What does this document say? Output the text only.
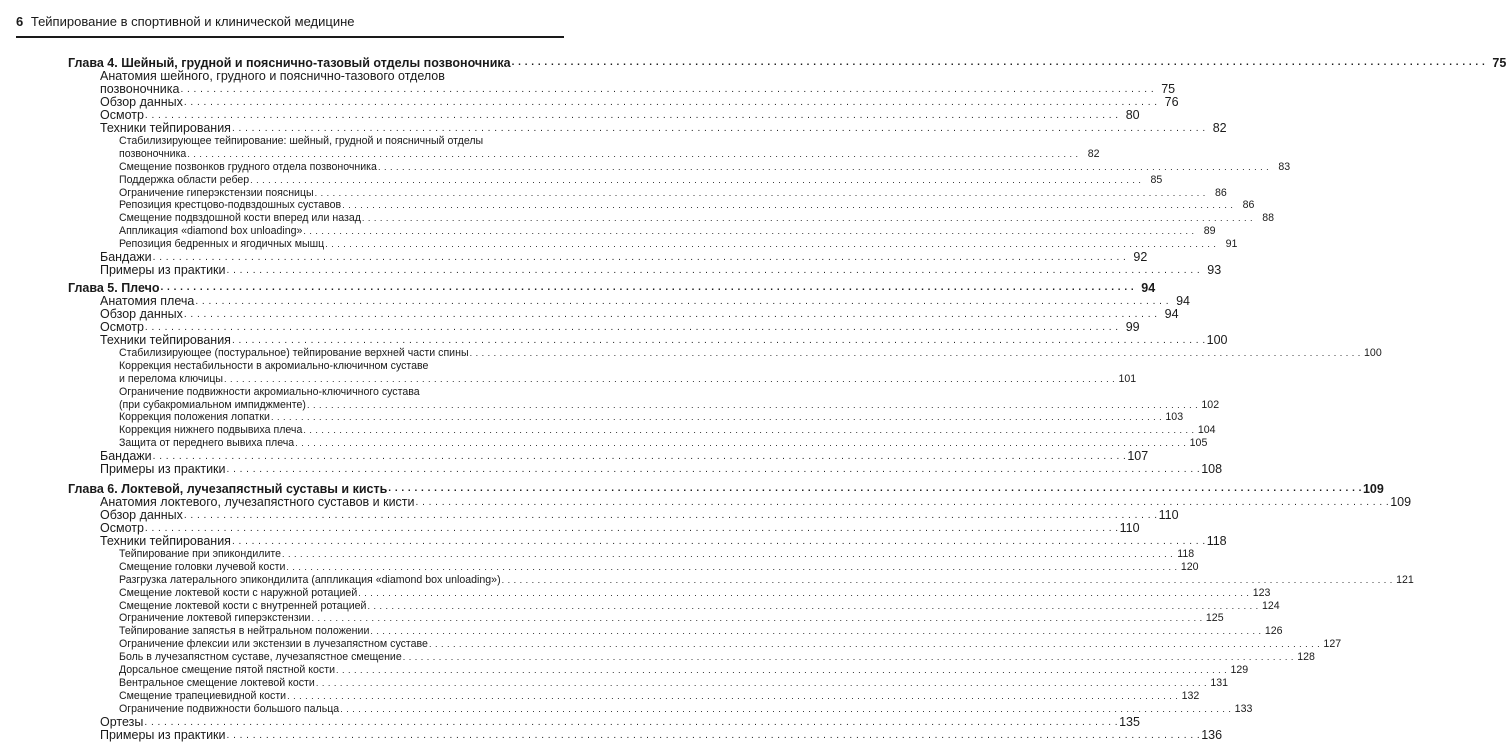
6 Тейпирование в спортивной и клинической медицине
Глава 4. Шейный, грудной и пояснично-тазовый отделы позвоночника . . .	75
Анатомия шейного, грудного и пояснично-тазового отделов
позвоночника . . .	75
Обзор данных . . .	76
Осмотр . . .	80
Техники тейпирования . . .	82
Стабилизирующее тейпирование: шейный, грудной и поясничный отделы
позвоночника . . .	82
Смещение позвонков грудного отдела позвоночника . . .	83
Поддержка области ребер . . .	85
Ограничение гиперэкстензии поясницы . . .	86
Репозиция крестцово-подвздошных суставов . . .	86
Смещение подвздошной кости вперед или назад . . .	88
Аппликация «diamond box unloading» . . .	89
Репозиция бедренных и ягодичных мышц . . .	91
Бандажи . . .	92
Примеры из практики . . .	93
Глава 5. Плечо . . .	94
Анатомия плеча . . .	94
Обзор данных . . .	94
Осмотр . . .	99
Техники тейпирования . . .	100
Стабилизирующее (постуральное) тейпирование верхней части спины . . .	100
Коррекция нестабильности в акромиально-ключичном суставе
и перелома ключицы . . .	101
Ограничение подвижности акромиально-ключичного сустава
(при субакромиальном импиджменте) . . .	102
Коррекция положения лопатки . . .	103
Коррекция нижнего подвывиха плеча . . .	104
Защита от переднего вывиха плеча . . .	105
Бандажи . . .	107
Примеры из практики . . .	108
Глава 6. Локтевой, лучезапястный суставы и кисть . . .	109
Анатомия локтевого, лучезапястного суставов и кисти . . .	109
Обзор данных . . .	110
Осмотр . . .	110
Техники тейпирования . . .	118
Тейпирование при эпикондилите . . .	118
Смещение головки лучевой кости . . .	120
Разгрузка латерального эпикондилита (аппликация «diamond box unloading») . . .	121
Смещение локтевой кости с наружной ротацией . . .	123
Смещение локтевой кости с внутренней ротацией . . .	124
Ограничение локтевой гиперэкстензии . . .	125
Тейпирование запястья в нейтральном положении . . .	126
Ограничение флексии или экстензии в лучезапястном суставе . . .	127
Боль в лучезапястном суставе, лучезапястное смещение . . .	128
Дорсальное смещение пятой пястной кости . . .	129
Вентральное смещение локтевой кости . . .	131
Смещение трапециевидной кости . . .	132
Ограничение подвижности большого пальца . . .	133
Ортезы . . .	135
Примеры из практики . . .	136
